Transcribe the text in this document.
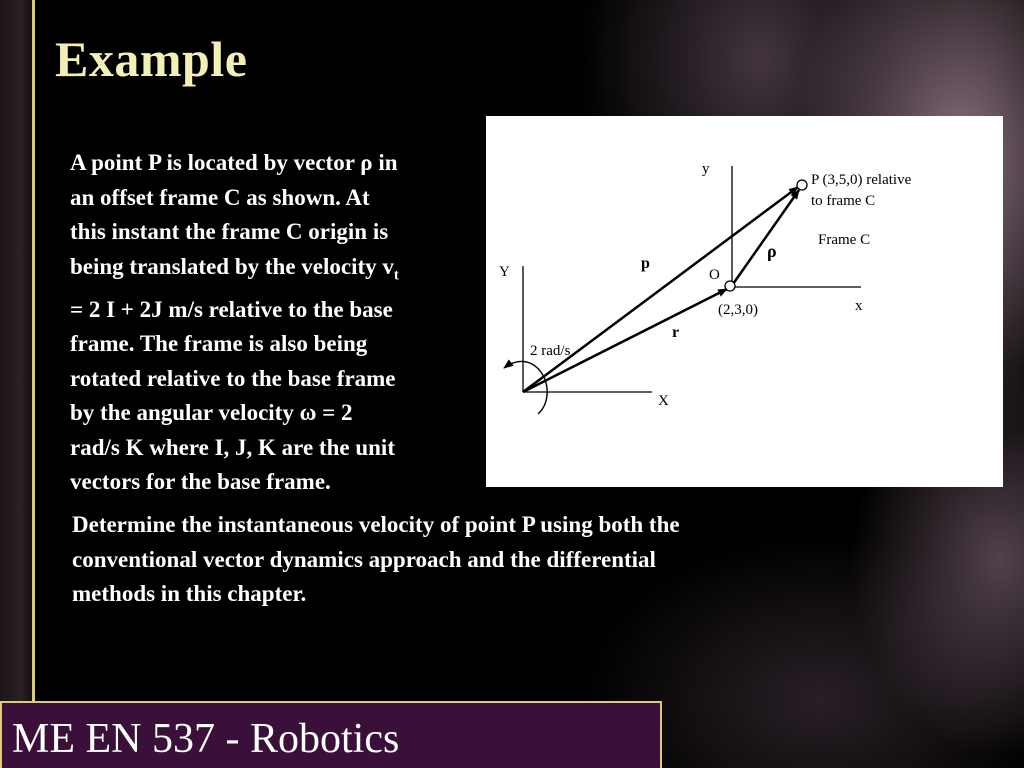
Example
A point P is located by vector ρ in
an offset frame C as shown. At
this instant the frame C origin is
being translated by the velocity $v_t$
= 2 I + 2J m/s relative to the base
frame. The frame is also being
rotated relative to the base frame
by the angular velocity ω = 2
rad/s K where I, J, K are the unit
vectors for the base frame.
y
x
Y
X
O
(2,3,0)
p
r
ρ
P (3,5,0) relative
to frame C
Frame C
2 rad/s
Determine the instantaneous velocity of point P using both the
conventional vector dynamics approach and the differential
methods in this chapter.

ME EN 537 - Robotics
